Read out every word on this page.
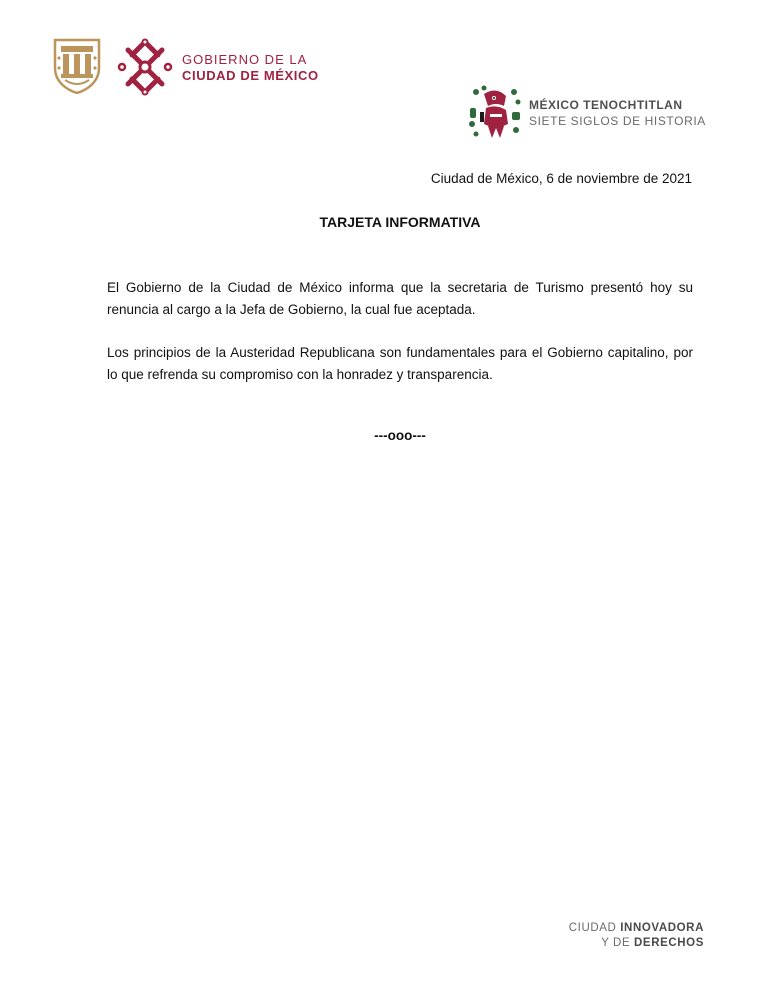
GOBIERNO DE LA
CIUDAD DE MÉXICO
MÉXICO TENOCHTITLAN
SIETE SIGLOS DE HISTORIA
Ciudad de México, 6 de noviembre de 2021
TARJETA INFORMATIVA

El Gobierno de la Ciudad de México informa que la secretaria de Turismo presentó hoy su renuncia al cargo a la Jefa de Gobierno, la cual fue aceptada.

Los principios de la Austeridad Republicana son fundamentales para el Gobierno capitalino, por lo que refrenda su compromiso con la honradez y transparencia.

---ooo---
CIUDAD INNOVADORA
Y DE DERECHOS
